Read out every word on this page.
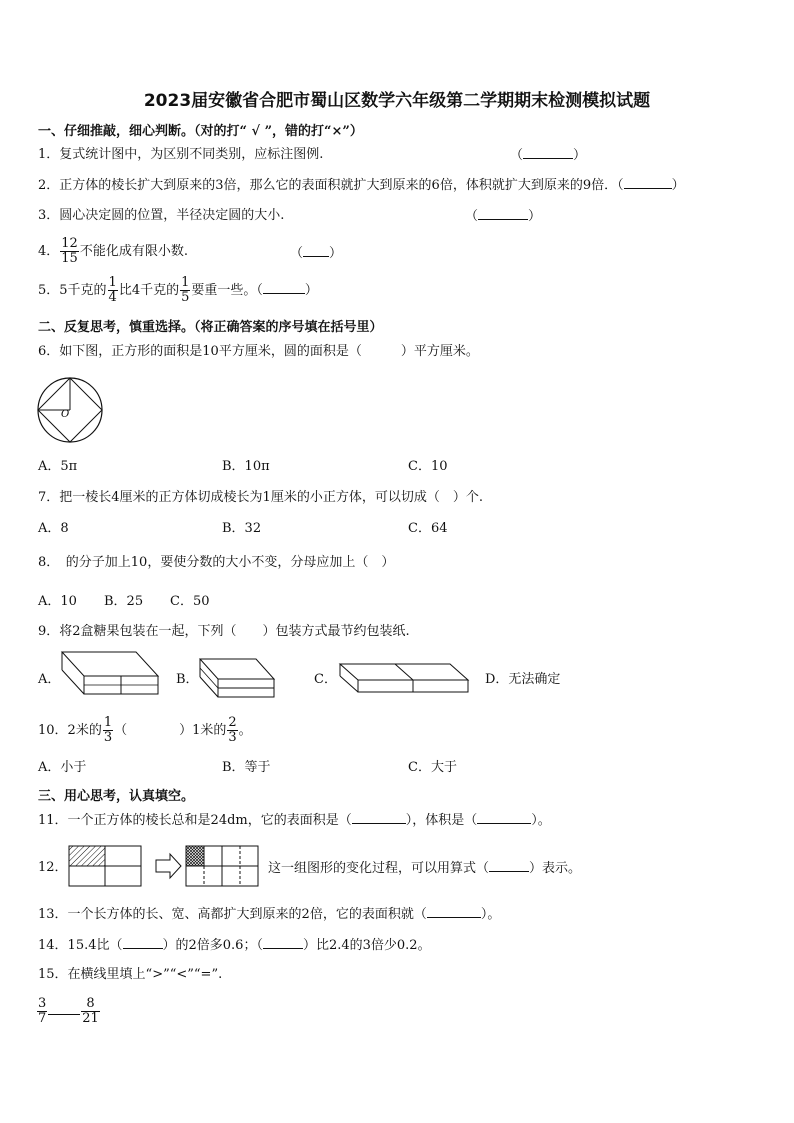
2023届安徽省合肥市蜀山区数学六年级第二学期期末检测模拟试题
一、仔细推敲，细心判断。（对的打“ √ ”，错的打“×”）
1．复式统计图中，为区别不同类别，应标注图例.	（	）
2．正方体的棱长扩大到原来的3倍，那么它的表面积就扩大到原来的6倍，体积就扩大到原来的9倍．（	）
3．圆心决定圆的位置，半径决定圆的大小.	（	）
4． $\frac{12}{15}$ 不能化成有限小数.	（ ）
5．5千克的 $\frac{1}{4}$ 比4千克的 $\frac{1}{5}$ 要重一些。（	）
二、反复思考，慎重选择。（将正确答案的序号填在括号里）
6．如下图，正方形的面积是10平方厘米，圆的面积是（　　　）平方厘米。
O
A．5π	B．10π	C．10
7．把一棱长4厘米的正方体切成棱长为1厘米的小正方体，可以切成（　）个.
A．8	B．32	C．64
8．　的分子加上10，要使分数的大小不变，分母应加上（　）
A．10 B．25 C．50
9．将2盒糖果包装在一起，下列（　　）包装方式最节约包装纸.
A．	B．	C．	D．无法确定
10．2米的 $\frac{1}{3}$ （　　　　）1米的 $\frac{2}{3}$ 。
A．小于	B．等于	C．大于
三、用心思考，认真填空。
11．一个正方体的棱长总和是24dm，它的表面积是（	），体积是（	）。
12．	这一组图形的变化过程，可以用算式（	）表示。
13．一个长方体的长、宽、高都扩大到原来的2倍，它的表面积就（	）。
14．15.4比（	）的2倍多0.6；（	）比2.4的3倍少0.2。
15．在横线里填上“>”“<”“=”.
$\frac{3}{7}$	$\frac{8}{21}$
